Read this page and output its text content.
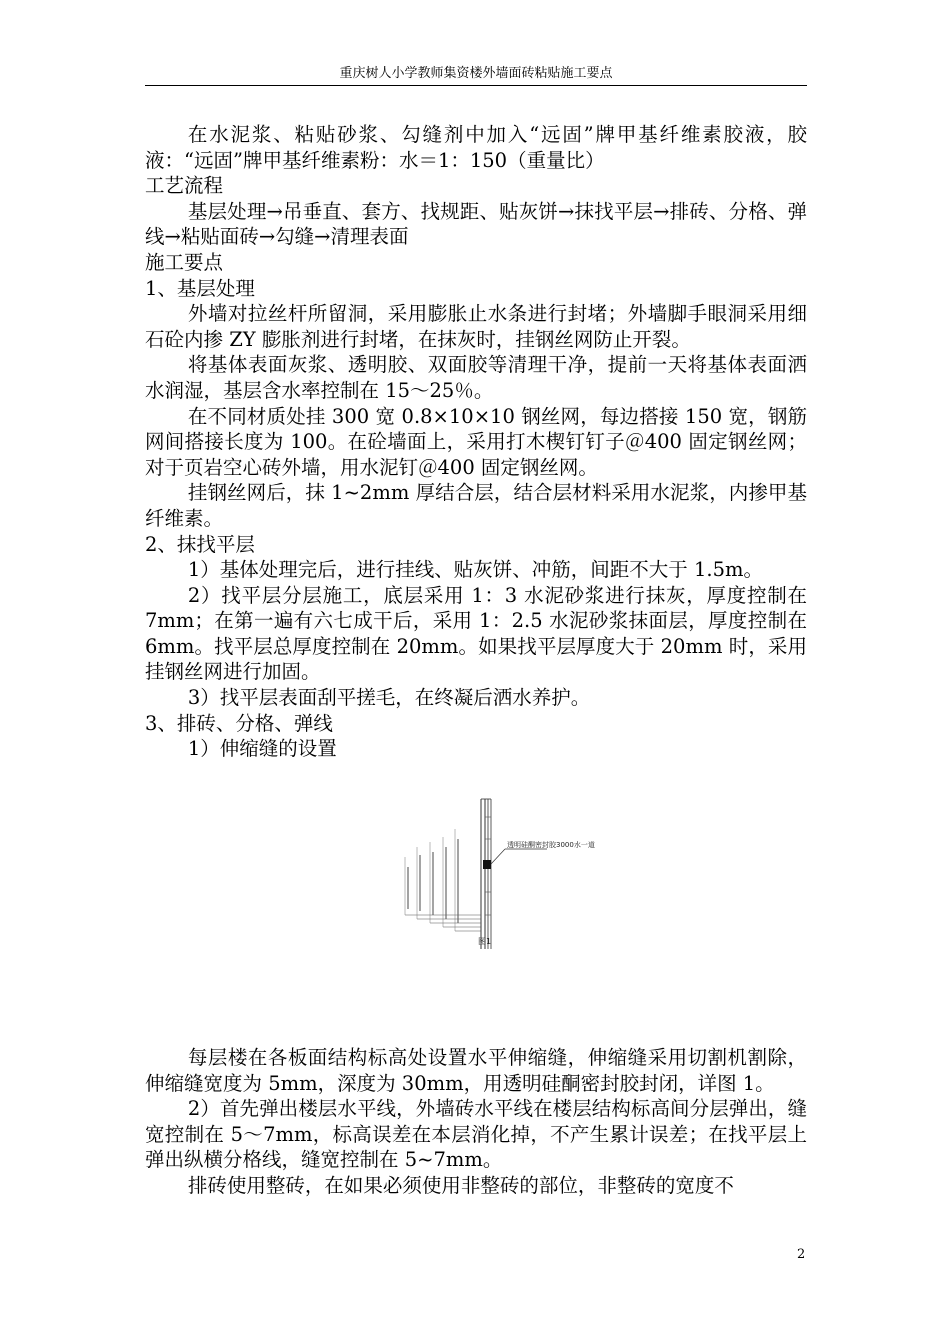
重庆树人小学教师集资楼外墙面砖粘贴施工要点

在水泥浆、粘贴砂浆、勾缝剂中加入“远固”牌甲基纤维素胶液，胶液：“远固”牌甲基纤维素粉：水＝1：150（重量比）

工艺流程

基层处理→吊垂直、套方、找规距、贴灰饼→抹找平层→排砖、分格、弹线→粘贴面砖→勾缝→清理表面

施工要点

1、基层处理

外墙对拉丝杆所留洞，采用膨胀止水条进行封堵；外墙脚手眼洞采用细石砼内掺 ZY 膨胀剂进行封堵，在抹灰时，挂钢丝网防止开裂。

将基体表面灰浆、透明胶、双面胶等清理干净，提前一天将基体表面洒水润湿，基层含水率控制在 15～25％。

在不同材质处挂 300 宽 0.8×10×10 钢丝网，每边搭接 150 宽，钢筋网间搭接长度为 100。在砼墙面上，采用打木楔钉钉子＠400 固定钢丝网；对于页岩空心砖外墙，用水泥钉＠400 固定钢丝网。

挂钢丝网后，抹 1~2mm 厚结合层，结合层材料采用水泥浆，内掺甲基纤维素。

2、抹找平层

1）基体处理完后，进行挂线、贴灰饼、冲筋，间距不大于 1.5m。

2）找平层分层施工，底层采用 1：3 水泥砂浆进行抹灰，厚度控制在 7mm；在第一遍有六七成干后，采用 1：2.5 水泥砂浆抹面层，厚度控制在 6mm。找平层总厚度控制在 20mm。如果找平层厚度大于 20mm 时，采用挂钢丝网进行加固。

3）找平层表面刮平搓毛，在终凝后洒水养护。

3、排砖、分格、弹线

1）伸缩缝的设置

透明硅酮密封胶3000水一道
图1

每层楼在各板面结构标高处设置水平伸缩缝，伸缩缝采用切割机割除，伸缩缝宽度为 5mm，深度为 30mm，用透明硅酮密封胶封闭，详图 1。

2）首先弹出楼层水平线，外墙砖水平线在楼层结构标高间分层弹出，缝宽控制在 5～7mm，标高误差在本层消化掉，不产生累计误差；在找平层上弹出纵横分格线，缝宽控制在 5~7mm。

排砖使用整砖，在如果必须使用非整砖的部位，非整砖的宽度不

2
